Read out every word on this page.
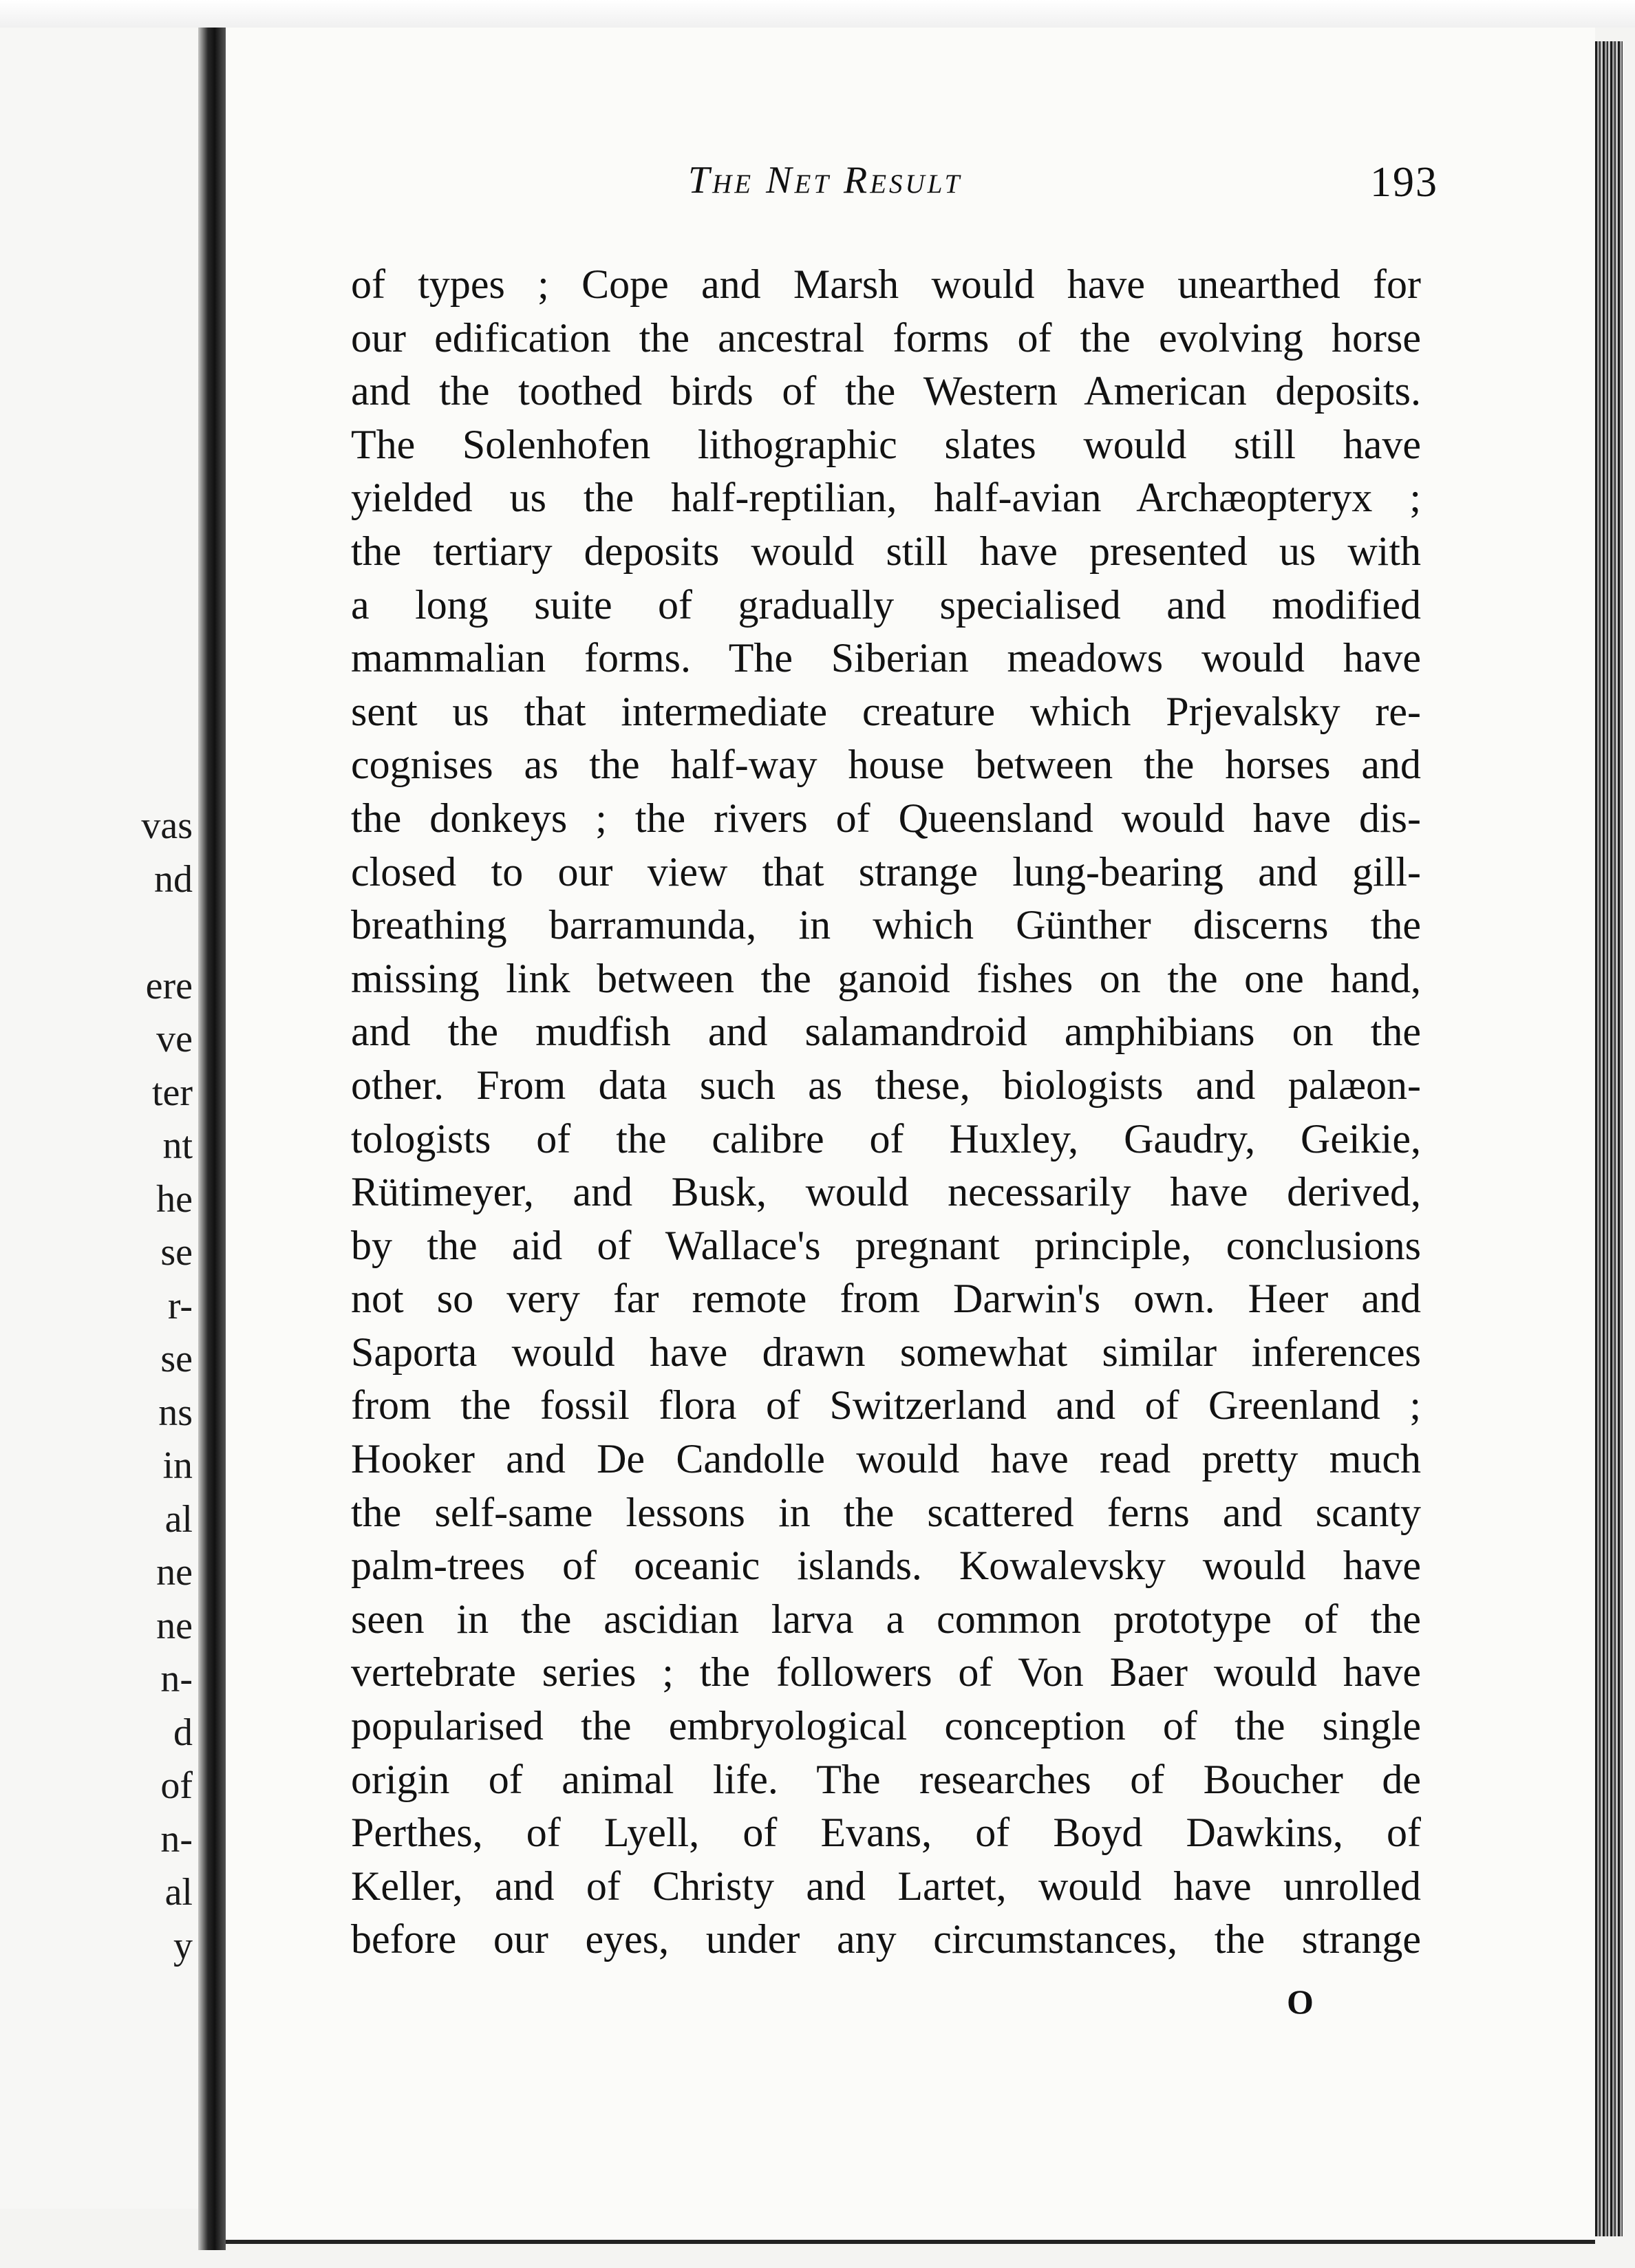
vas
nd
ere
ve
ter
nt
he
se
r-
se
ns
in
al
ne
ne
n-
d
of
n-
al
y
The Net Result	193
of types ; Cope and Marsh would have unearthed for
our edification the ancestral forms of the evolving horse
and the toothed birds of the Western American deposits.
The Solenhofen lithographic slates would still have
yielded us the half-reptilian, half-avian Archæopteryx ;
the tertiary deposits would still have presented us with
a long suite of gradually specialised and modified
mammalian forms. The Siberian meadows would have
sent us that intermediate creature which Prjevalsky re-
cognises as the half-way house between the horses and
the donkeys ; the rivers of Queensland would have dis-
closed to our view that strange lung-bearing and gill-
breathing barramunda, in which Günther discerns the
missing link between the ganoid fishes on the one hand,
and the mudfish and salamandroid amphibians on the
other. From data such as these, biologists and palæon-
tologists of the calibre of Huxley, Gaudry, Geikie,
Rütimeyer, and Busk, would necessarily have derived,
by the aid of Wallace's pregnant principle, conclusions
not so very far remote from Darwin's own. Heer and
Saporta would have drawn somewhat similar inferences
from the fossil flora of Switzerland and of Greenland ;
Hooker and De Candolle would have read pretty much
the self-same lessons in the scattered ferns and scanty
palm-trees of oceanic islands. Kowalevsky would have
seen in the ascidian larva a common prototype of the
vertebrate series ; the followers of Von Baer would have
popularised the embryological conception of the single
origin of animal life. The researches of Boucher de
Perthes, of Lyell, of Evans, of Boyd Dawkins, of
Keller, and of Christy and Lartet, would have unrolled
before our eyes, under any circumstances, the strange
O
